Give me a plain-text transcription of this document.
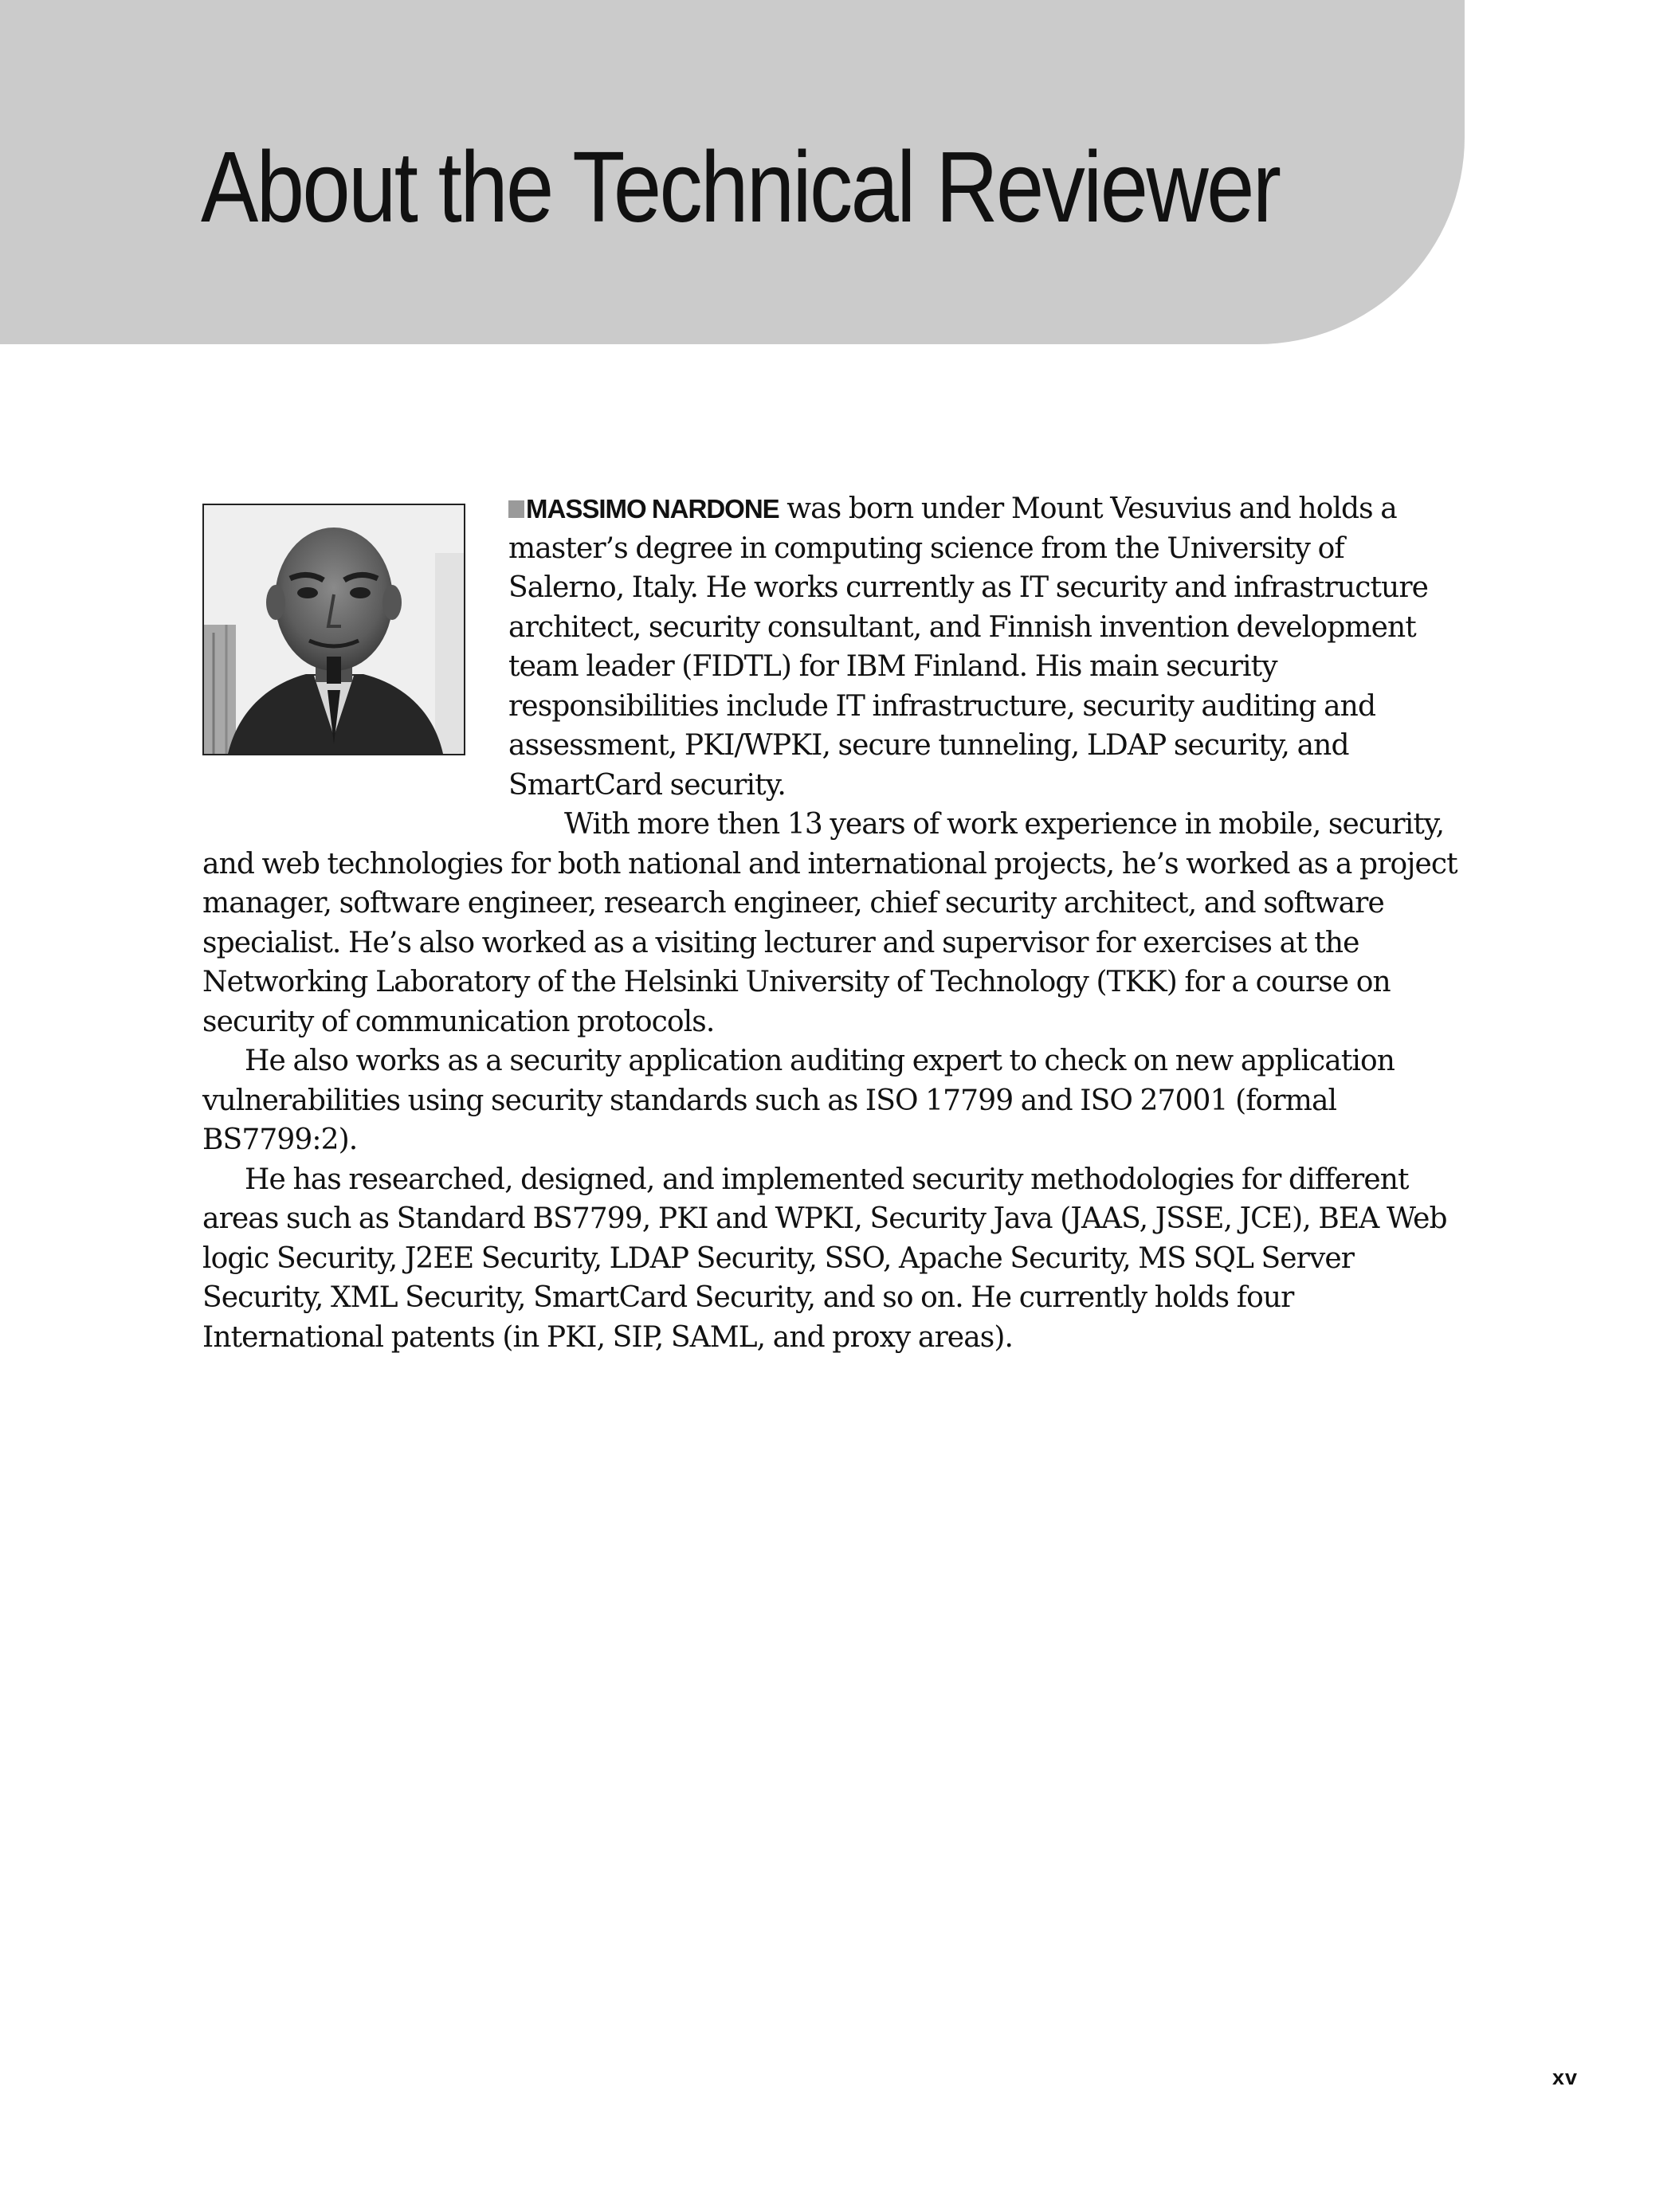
About the Technical Reviewer

MASSIMO NARDONE was born under Mount Vesuvius and holds a master’s degree in computing science from the University of Salerno, Italy. He works currently as IT security and infrastructure architect, security consultant, and Finnish invention development team leader (FIDTL) for IBM Finland. His main security responsibilities include IT infrastructure, security auditing and assessment, PKI/WPKI, secure tunneling, LDAP security, and SmartCard security.

With more then 13 years of work experience in mobile, security, and web technologies for both national and international projects, he’s worked as a project manager, software engineer, research engineer, chief security architect, and software specialist. He’s also worked as a visiting lecturer and supervisor for exercises at the Networking Laboratory of the Helsinki University of Technology (TKK) for a course on security of communication protocols.

He also works as a security application auditing expert to check on new application vulnerabilities using security standards such as ISO 17799 and ISO 27001 (formal BS7799:2).

He has researched, designed, and implemented security methodologies for different areas such as Standard BS7799, PKI and WPKI, Security Java (JAAS, JSSE, JCE), BEA Web logic Security, J2EE Security, LDAP Security, SSO, Apache Security, MS SQL Server Security, XML Security, SmartCard Security, and so on. He currently holds four International patents (in PKI, SIP, SAML, and proxy areas).

xv
